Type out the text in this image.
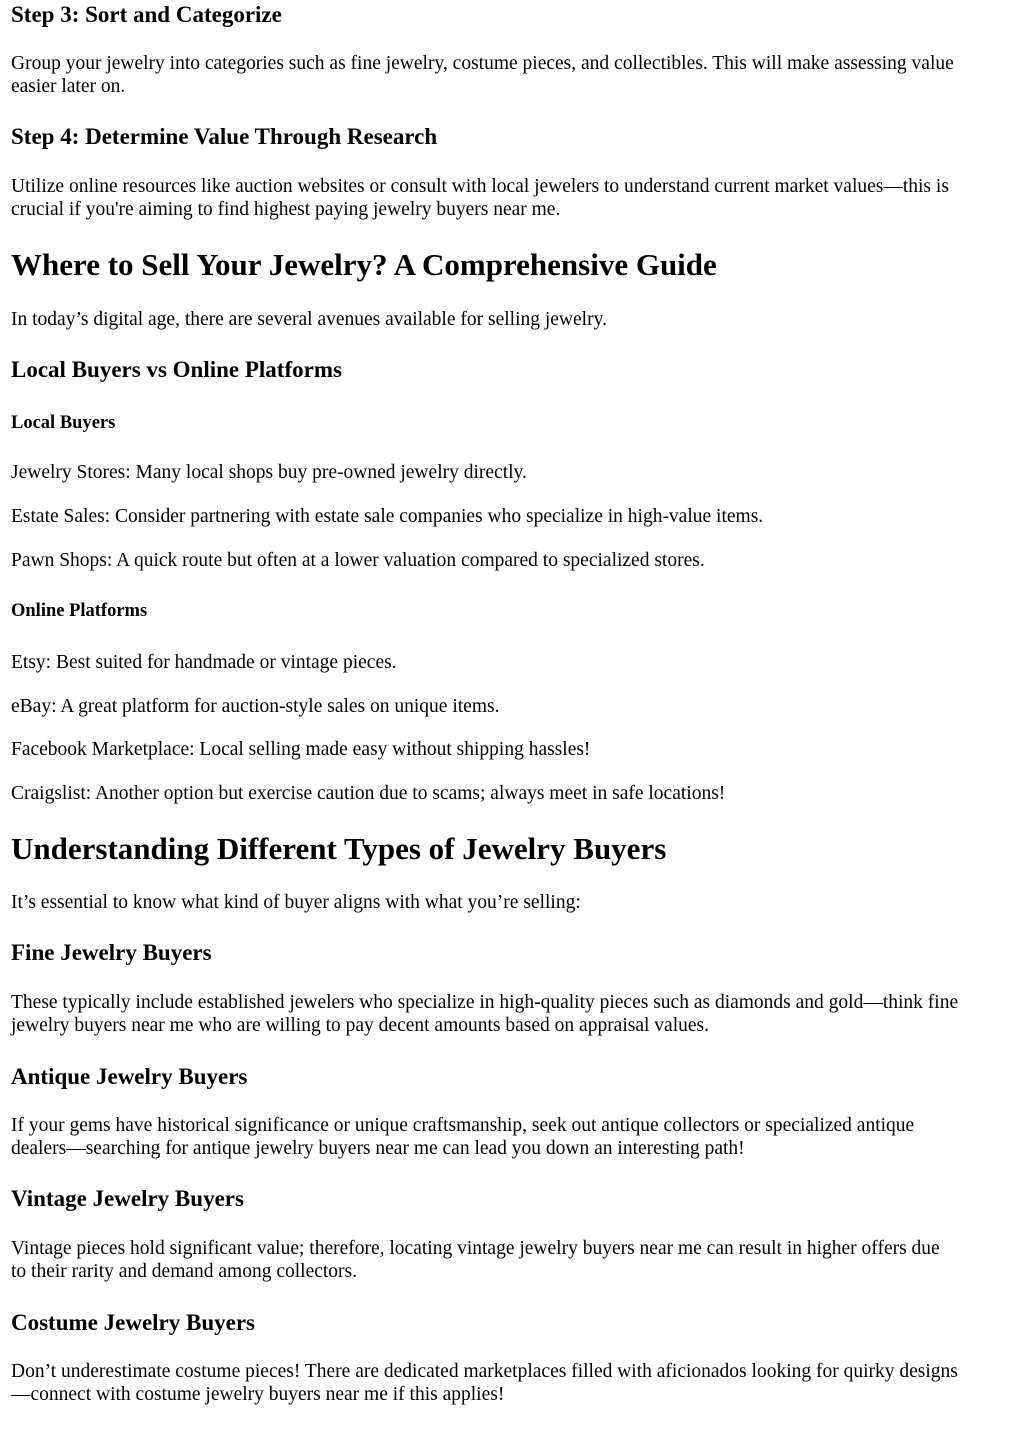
Step 3: Sort and Categorize

Group your jewelry into categories such as fine jewelry, costume pieces, and collectibles. This will make assessing value
easier later on.

Step 4: Determine Value Through Research

Utilize online resources like auction websites or consult with local jewelers to understand current market values—this is
crucial if you're aiming to find highest paying jewelry buyers near me.

Where to Sell Your Jewelry? A Comprehensive Guide

In today’s digital age, there are several avenues available for selling jewelry.

Local Buyers vs Online Platforms
Local Buyers

Jewelry Stores: Many local shops buy pre-owned jewelry directly.

Estate Sales: Consider partnering with estate sale companies who specialize in high-value items.

Pawn Shops: A quick route but often at a lower valuation compared to specialized stores.

Online Platforms

Etsy: Best suited for handmade or vintage pieces.

eBay: A great platform for auction-style sales on unique items.

Facebook Marketplace: Local selling made easy without shipping hassles!

Craigslist: Another option but exercise caution due to scams; always meet in safe locations!

Understanding Different Types of Jewelry Buyers

It’s essential to know what kind of buyer aligns with what you’re selling:

Fine Jewelry Buyers

These typically include established jewelers who specialize in high-quality pieces such as diamonds and gold—think fine
jewelry buyers near me who are willing to pay decent amounts based on appraisal values.

Antique Jewelry Buyers

If your gems have historical significance or unique craftsmanship, seek out antique collectors or specialized antique
dealers—searching for antique jewelry buyers near me can lead you down an interesting path!

Vintage Jewelry Buyers

Vintage pieces hold significant value; therefore, locating vintage jewelry buyers near me can result in higher offers due
to their rarity and demand among collectors.

Costume Jewelry Buyers

Don’t underestimate costume pieces! There are dedicated marketplaces filled with aficionados looking for quirky designs
—connect with costume jewelry buyers near me if this applies!
